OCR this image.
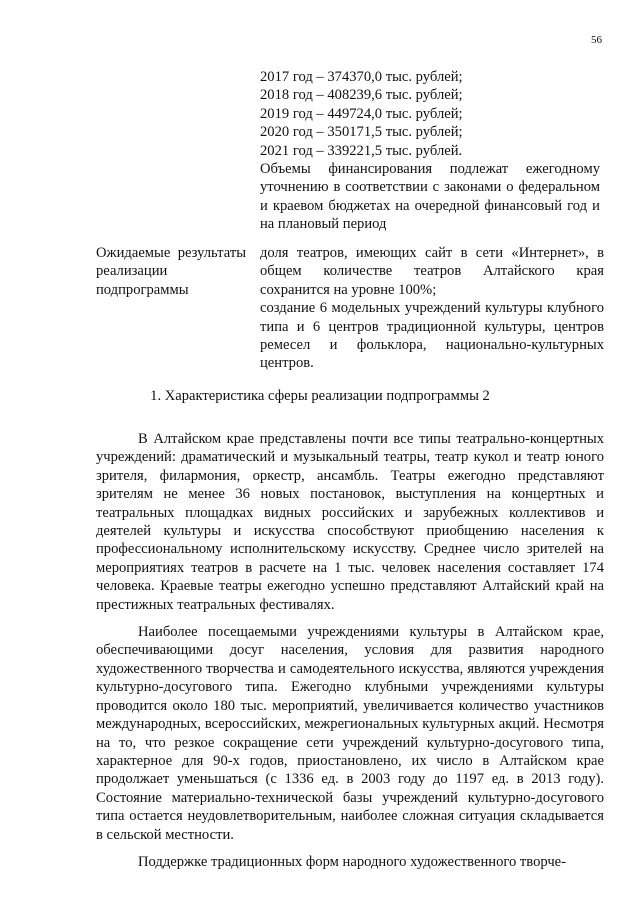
56
2017 год – 374370,0 тыс. рублей;
2018 год – 408239,6 тыс. рублей;
2019 год – 449724,0 тыс. рублей;
2020 год – 350171,5 тыс. рублей;
2021 год – 339221,5 тыс. рублей.
Объемы финансирования подлежат ежегодному уточнению в соответствии с законами о федеральном и краевом бюджетах на очередной финансовый год и на плановый период
Ожидаемые результаты реализации подпрограммы

доля театров, имеющих сайт в сети «Интернет», в общем количестве театров Алтайского края сохранится на уровне 100%;

создание 6 модельных учреждений культуры клубного типа и 6 центров традиционной культуры, центров ремесел и фольклора, национально-культурных центров.

1. Характеристика сферы реализации подпрограммы 2

В Алтайском крае представлены почти все типы театрально-концертных учреждений: драматический и музыкальный театры, театр кукол и театр юного зрителя, филармония, оркестр, ансамбль. Театры ежегодно представляют зрителям не менее 36 новых постановок, выступления на концертных и театральных площадках видных российских и зарубежных коллективов и деятелей культуры и искусства способствуют приобщению населения к профессиональному исполнительскому искусству. Среднее число зрителей на мероприятиях театров в расчете на 1 тыс. человек населения составляет 174 человека. Краевые театры ежегодно успешно представляют Алтайский край на престижных театральных фестивалях.

Наиболее посещаемыми учреждениями культуры в Алтайском крае, обеспечивающими досуг населения, условия для развития народного художественного творчества и самодеятельного искусства, являются учреждения культурно-досугового типа. Ежегодно клубными учреждениями культуры проводится около 180 тыс. мероприятий, увеличивается количество участников международных, всероссийских, межрегиональных культурных акций. Несмотря на то, что резкое сокращение сети учреждений культурно-досугового типа, характерное для 90-х годов, приостановлено, их число в Алтайском крае продолжает уменьшаться (с 1336 ед. в 2003 году до 1197 ед. в 2013 году). Состояние материально-технической базы учреждений культурно-досугового типа остается неудовлетворительным, наиболее сложная ситуация складывается в сельской местности.

Поддержке традиционных форм народного художественного творче-
